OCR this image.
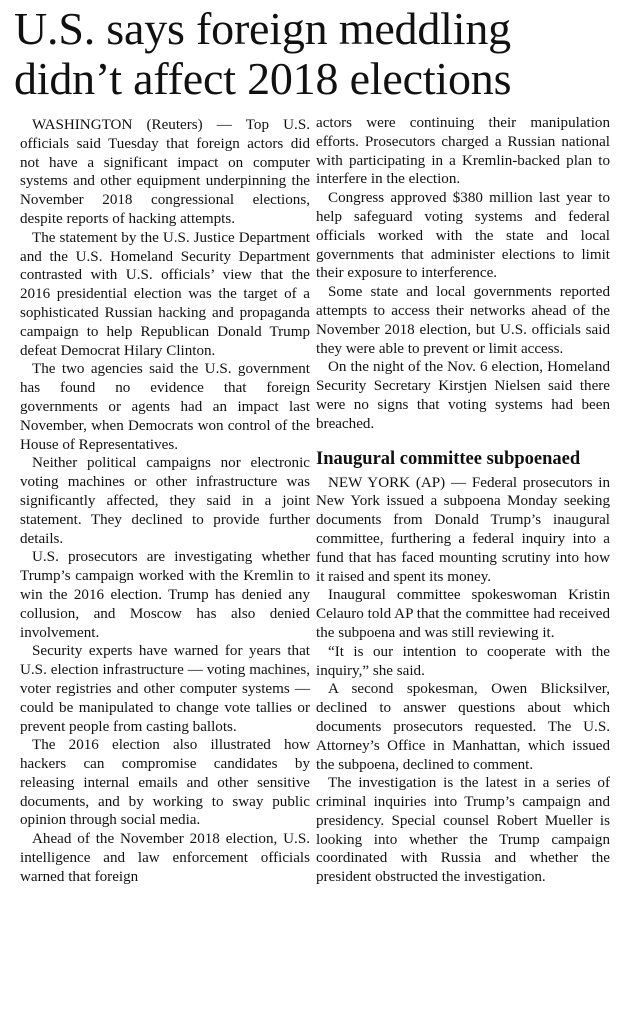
U.S. says foreign meddling
didn’t affect 2018 elections

WASHINGTON (Reuters) — Top U.S. officials said Tuesday that foreign actors did not have a significant impact on computer systems and other equipment underpinning the November 2018 congressional elections, despite reports of hacking attempts.

The statement by the U.S. Justice Department and the U.S. Homeland Security Department contrasted with U.S. officials’ view that the 2016 presidential election was the target of a sophisticated Russian hacking and propaganda campaign to help Republican Donald Trump defeat Democrat Hilary Clinton.

The two agencies said the U.S. government has found no evidence that foreign governments or agents had an impact last November, when Democrats won control of the House of Representatives.

Neither political campaigns nor electronic voting machines or other infrastructure was significantly affected, they said in a joint statement. They declined to provide further details.

U.S. prosecutors are investigating whether Trump’s campaign worked with the Kremlin to win the 2016 election. Trump has denied any collusion, and Moscow has also denied involvement.

Security experts have warned for years that U.S. election infrastructure — voting machines, voter registries and other computer systems — could be manipulated to change vote tallies or prevent people from casting ballots.

The 2016 election also illustrated how hackers can compromise candidates by releasing internal emails and other sensitive documents, and by working to sway public opinion through social media.

Ahead of the November 2018 election, U.S. intelligence and law enforcement officials warned that foreign

actors were continuing their manipulation efforts. Prosecutors charged a Russian national with participating in a Kremlin-backed plan to interfere in the election.

Congress approved $380 million last year to help safeguard voting systems and federal officials worked with the state and local governments that administer elections to limit their exposure to interference.

Some state and local governments reported attempts to access their networks ahead of the November 2018 election, but U.S. officials said they were able to prevent or limit access.

On the night of the Nov. 6 election, Homeland Security Secretary Kirstjen Nielsen said there were no signs that voting systems had been breached.

Inaugural committee subpoenaed

NEW YORK (AP) — Federal prosecutors in New York issued a subpoena Monday seeking documents from Donald Trump’s inaugural committee, furthering a federal inquiry into a fund that has faced mounting scrutiny into how it raised and spent its money.

Inaugural committee spokeswoman Kristin Celauro told AP that the committee had received the subpoena and was still reviewing it.

“It is our intention to cooperate with the inquiry,” she said.

A second spokesman, Owen Blicksilver, declined to answer questions about which documents prosecutors requested. The U.S. Attorney’s Office in Manhattan, which issued the subpoena, declined to comment.

The investigation is the latest in a series of criminal inquiries into Trump’s campaign and presidency. Special counsel Robert Mueller is looking into whether the Trump campaign coordinated with Russia and whether the president obstructed the investigation.
